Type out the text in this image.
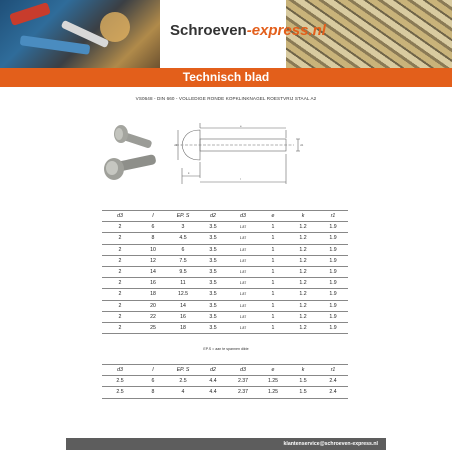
Schroeven-express.nl
Technisch blad
VS0648 - DIN 660 - VOLLEDIGE RONDE KOPKLINKNAGEL ROESTVRIJ STAAL A2
k
l
d2	d1
e
d3	l	EP. S	d2	d3	e	k	r1
2	6	3	3.5	1.87	1	1.2	1.9
2	8	4.5	3.5	1.87	1	1.2	1.9
2	10	6	3.5	1.87	1	1.2	1.9
2	12	7.5	3.5	1.87	1	1.2	1.9
2	14	9.5	3.5	1.87	1	1.2	1.9
2	16	11	3.5	1.87	1	1.2	1.9
2	18	12.5	3.5	1.87	1	1.2	1.9
2	20	14	3.5	1.87	1	1.2	1.9
2	22	16	3.5	1.87	1	1.2	1.9
2	25	18	3.5	1.87	1	1.2	1.9
EP.S = aan te spannen dikte
d3	l	EP. S	d2	d3	e	k	r1
2.5	6	2.5	4.4	2.37	1.25	1.5	2.4
2.5	8	4	4.4	2.37	1.25	1.5	2.4
klantenservice@schroeven-express.nl
